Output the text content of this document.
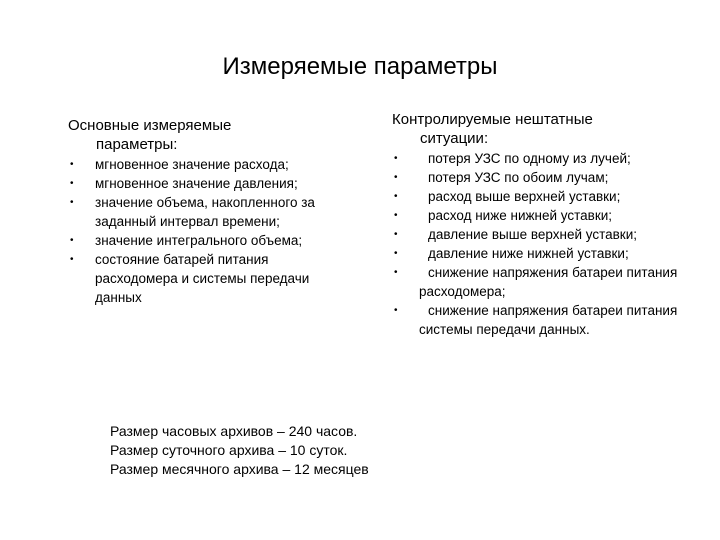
Измеряемые параметры
Основные измеряемые
параметры:
•	мгновенное значение расхода;
•	мгновенное значение давления;
•	значение объема, накопленного за заданный интервал времени;
•	значение интегрального объема;
•	состояние батарей питания расходомера и системы передачи данных
Контролируемые нештатные
ситуации:
•	потеря УЗС по одному из лучей;
•	потеря УЗС по обоим лучам;
•	расход выше верхней уставки;
•	расход ниже нижней уставки;
•	давление выше верхней уставки;
•	давление ниже нижней уставки;
•	снижение напряжения батареи питания расходомера;
•	снижение напряжения батареи питания системы передачи данных.
Размер часовых архивов – 240 часов.
Размер суточного архива – 10 суток.
Размер месячного архива – 12 месяцев
